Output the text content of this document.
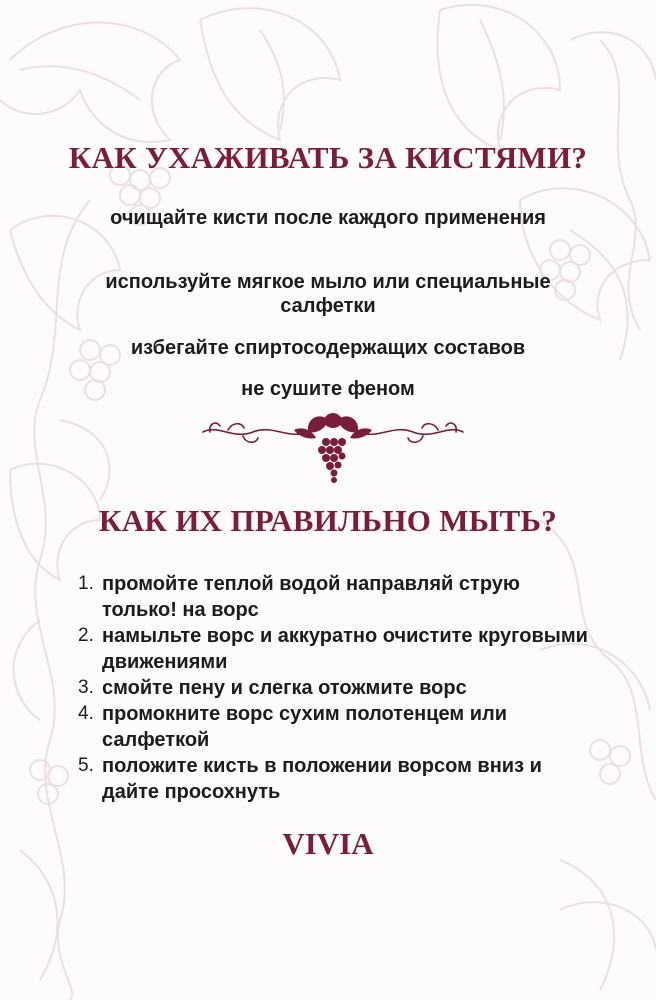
КАК УХАЖИВАТЬ ЗА КИСТЯМИ?
очищайте кисти после каждого применения
используйте мягкое мыло или специальные салфетки
избегайте спиртосодержащих составов
не сушите феном
КАК ИХ ПРАВИЛЬНО МЫТЬ?
1. промойте теплой водой направляй струю только! на ворс
2. намыльте ворс и аккуратно очистите круговыми движениями
3. смойте пену и слегка отожмите ворс
4. промокните ворс сухим полотенцем или салфеткой
5. положите кисть в положении ворсом вниз и дайте просохнуть
VIVIA
